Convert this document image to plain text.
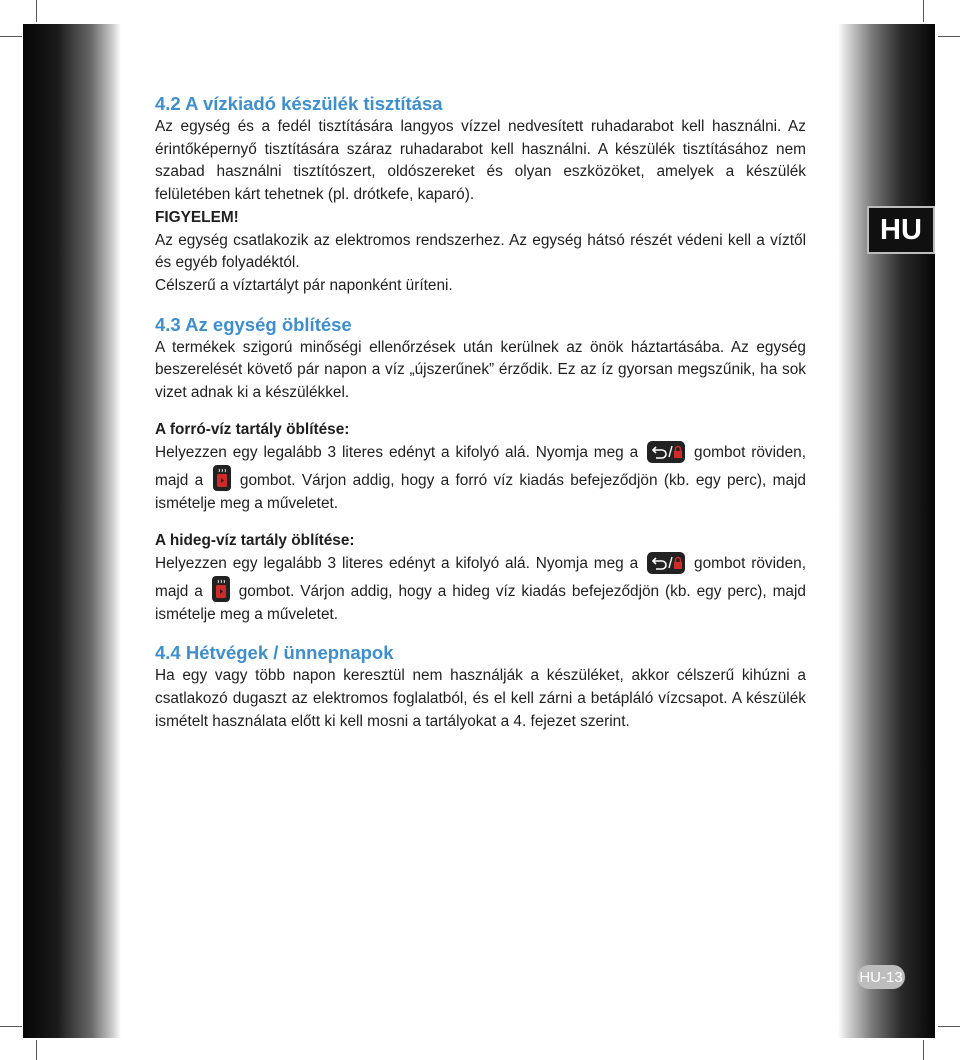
HU
HU-13
4.2 A vízkiadó készülék tisztítása

Az egység és a fedél tisztítására langyos vízzel nedvesített ruhadarabot kell használni. Az érintőképernyő tisztítására száraz ruhadarabot kell használni. A készülék tisztításához nem szabad használni tisztítószert, oldószereket és olyan eszközöket, amelyek a készülék felületében kárt tehetnek (pl. drótkefe, kaparó).

FIGYELEM!

Az egység csatlakozik az elektromos rendszerhez. Az egység hátsó részét védeni kell a víztől és egyéb folyadéktól.

Célszerű a víztartályt pár naponként üríteni.

4.3 Az egység öblítése

A termékek szigorú minőségi ellenőrzések után kerülnek az önök háztartásába. Az egység beszerelését követő pár napon a víz „újszerűnek” érződik. Ez az íz gyorsan megszűnik, ha sok vizet adnak ki a készülékkel.

A forró-víz tartály öblítése:

Helyezzen egy legalább 3 literes edényt a kifolyó alá. Nyomja meg a	gombot röviden, majd a gombot. Várjon addig, hogy a forró víz kiadás befejeződjön (kb. egy perc), majd ismételje meg a műveletet.

A hideg-víz tartály öblítése:

Helyezzen egy legalább 3 literes edényt a kifolyó alá. Nyomja meg a	gombot röviden, majd a gombot. Várjon addig, hogy a hideg víz kiadás befejeződjön (kb. egy perc), majd ismételje meg a műveletet.

4.4 Hétvégek / ünnepnapok

Ha egy vagy több napon keresztül nem használják a készüléket, akkor célszerű kihúzni a csatlakozó dugaszt az elektromos foglalatból, és el kell zárni a betápláló vízcsapot. A készülék ismételt használata előtt ki kell mosni a tartályokat a 4. fejezet szerint.
